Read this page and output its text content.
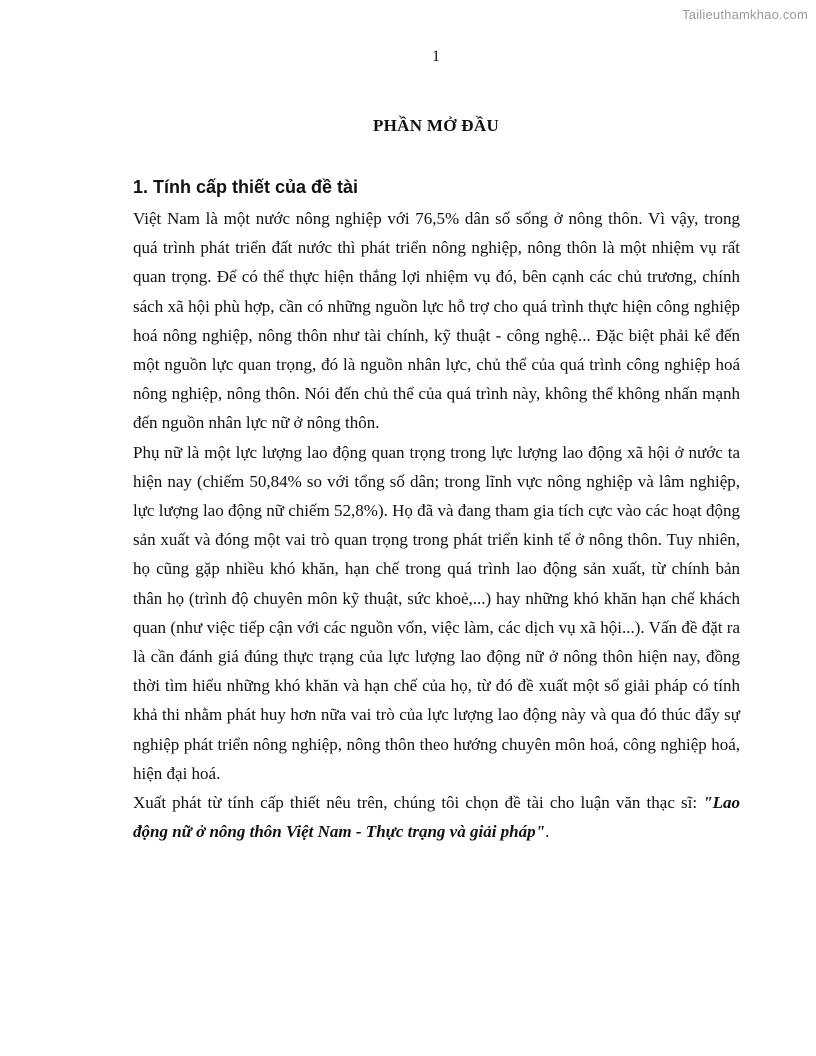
Tailieuthamkhao.com
1
PHẦN MỞ ĐẦU
1. Tính cấp thiết của đề tài

Việt Nam là một nước nông nghiệp với 76,5% dân số sống ở nông thôn. Vì vậy, trong quá trình phát triển đất nước thì phát triển nông nghiệp, nông thôn là một nhiệm vụ rất quan trọng. Để có thể thực hiện thắng lợi nhiệm vụ đó, bên cạnh các chủ trương, chính sách xã hội phù hợp, cần có những nguồn lực hỗ trợ cho quá trình thực hiện công nghiệp hoá nông nghiệp, nông thôn như tài chính, kỹ thuật - công nghệ... Đặc biệt phải kể đến một nguồn lực quan trọng, đó là nguồn nhân lực, chủ thể của quá trình công nghiệp hoá nông nghiệp, nông thôn. Nói đến chủ thể của quá trình này, không thể không nhấn mạnh đến nguồn nhân lực nữ ở nông thôn.

Phụ nữ là một lực lượng lao động quan trọng trong lực lượng lao động xã hội ở nước ta hiện nay (chiếm 50,84% so với tổng số dân; trong lĩnh vực nông nghiệp và lâm nghiệp, lực lượng lao động nữ chiếm 52,8%). Họ đã và đang tham gia tích cực vào các hoạt động sản xuất và đóng một vai trò quan trọng trong phát triển kinh tế ở nông thôn. Tuy nhiên, họ cũng gặp nhiều khó khăn, hạn chế trong quá trình lao động sản xuất, từ chính bản thân họ (trình độ chuyên môn kỹ thuật, sức khoẻ,...) hay những khó khăn hạn chế khách quan (như việc tiếp cận với các nguồn vốn, việc làm, các dịch vụ xã hội...). Vấn đề đặt ra là cần đánh giá đúng thực trạng của lực lượng lao động nữ ở nông thôn hiện nay, đồng thời tìm hiểu những khó khăn và hạn chế của họ, từ đó đề xuất một số giải pháp có tính khả thi nhằm phát huy hơn nữa vai trò của lực lượng lao động này và qua đó thúc đẩy sự nghiệp phát triển nông nghiệp, nông thôn theo hướng chuyên môn hoá, công nghiệp hoá, hiện đại hoá.

Xuất phát từ tính cấp thiết nêu trên, chúng tôi chọn đề tài cho luận văn thạc sĩ: "Lao động nữ ở nông thôn Việt Nam - Thực trạng và giải pháp".
